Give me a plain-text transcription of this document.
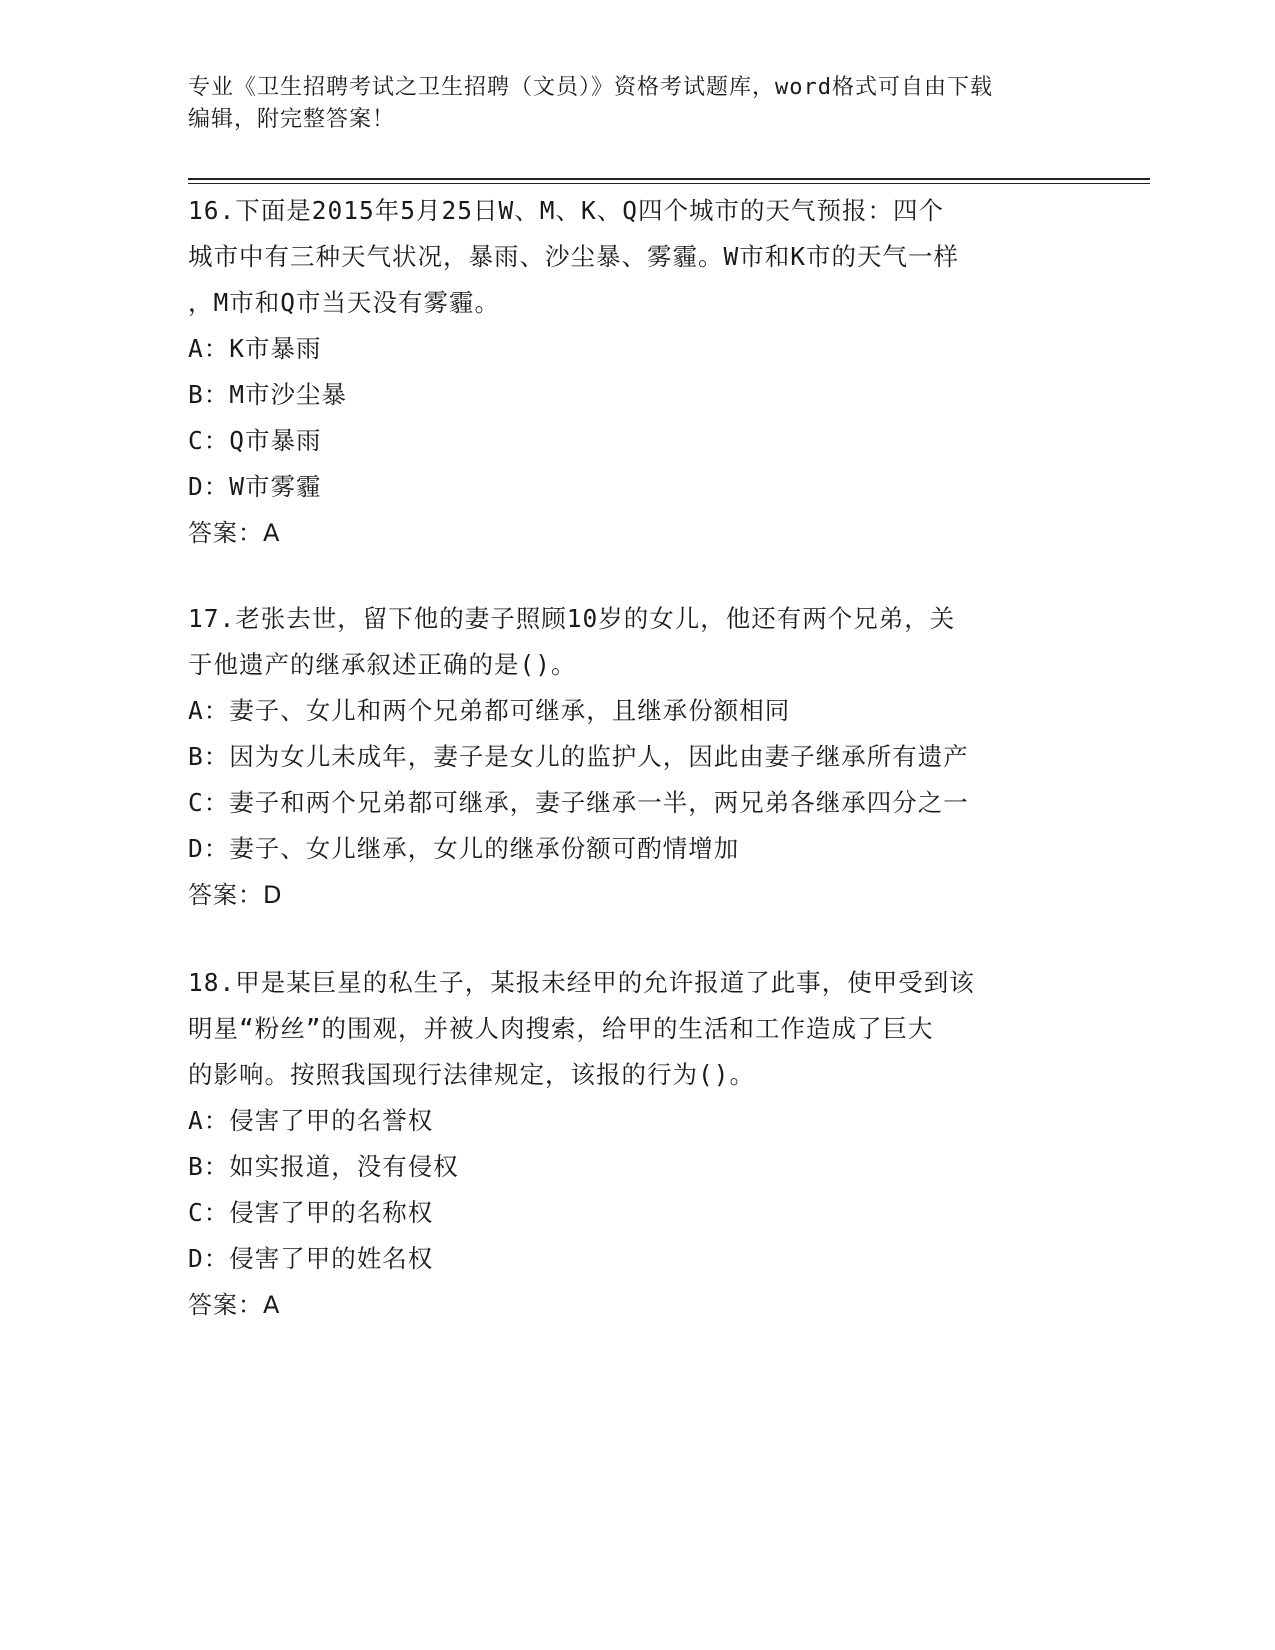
专业《卫生招聘考试之卫生招聘（文员）》资格考试题库，word格式可自由下载
编辑，附完整答案！
16.下面是2015年5月25日W、M、K、Q四个城市的天气预报：四个
城市中有三种天气状况，暴雨、沙尘暴、雾霾。W市和K市的天气一样
，M市和Q市当天没有雾霾。
A：K市暴雨
B：M市沙尘暴
C：Q市暴雨
D：W市雾霾
答案：A
17.老张去世，留下他的妻子照顾10岁的女儿，他还有两个兄弟，关
于他遗产的继承叙述正确的是()。
A：妻子、女儿和两个兄弟都可继承，且继承份额相同
B：因为女儿未成年，妻子是女儿的监护人，因此由妻子继承所有遗产
C：妻子和两个兄弟都可继承，妻子继承一半，两兄弟各继承四分之一
D：妻子、女儿继承，女儿的继承份额可酌情增加
答案：D
18.甲是某巨星的私生子，某报未经甲的允许报道了此事，使甲受到该
明星“粉丝”的围观，并被人肉搜索，给甲的生活和工作造成了巨大
的影响。按照我国现行法律规定，该报的行为()。
A：侵害了甲的名誉权
B：如实报道，没有侵权
C：侵害了甲的名称权
D：侵害了甲的姓名权
答案：A
